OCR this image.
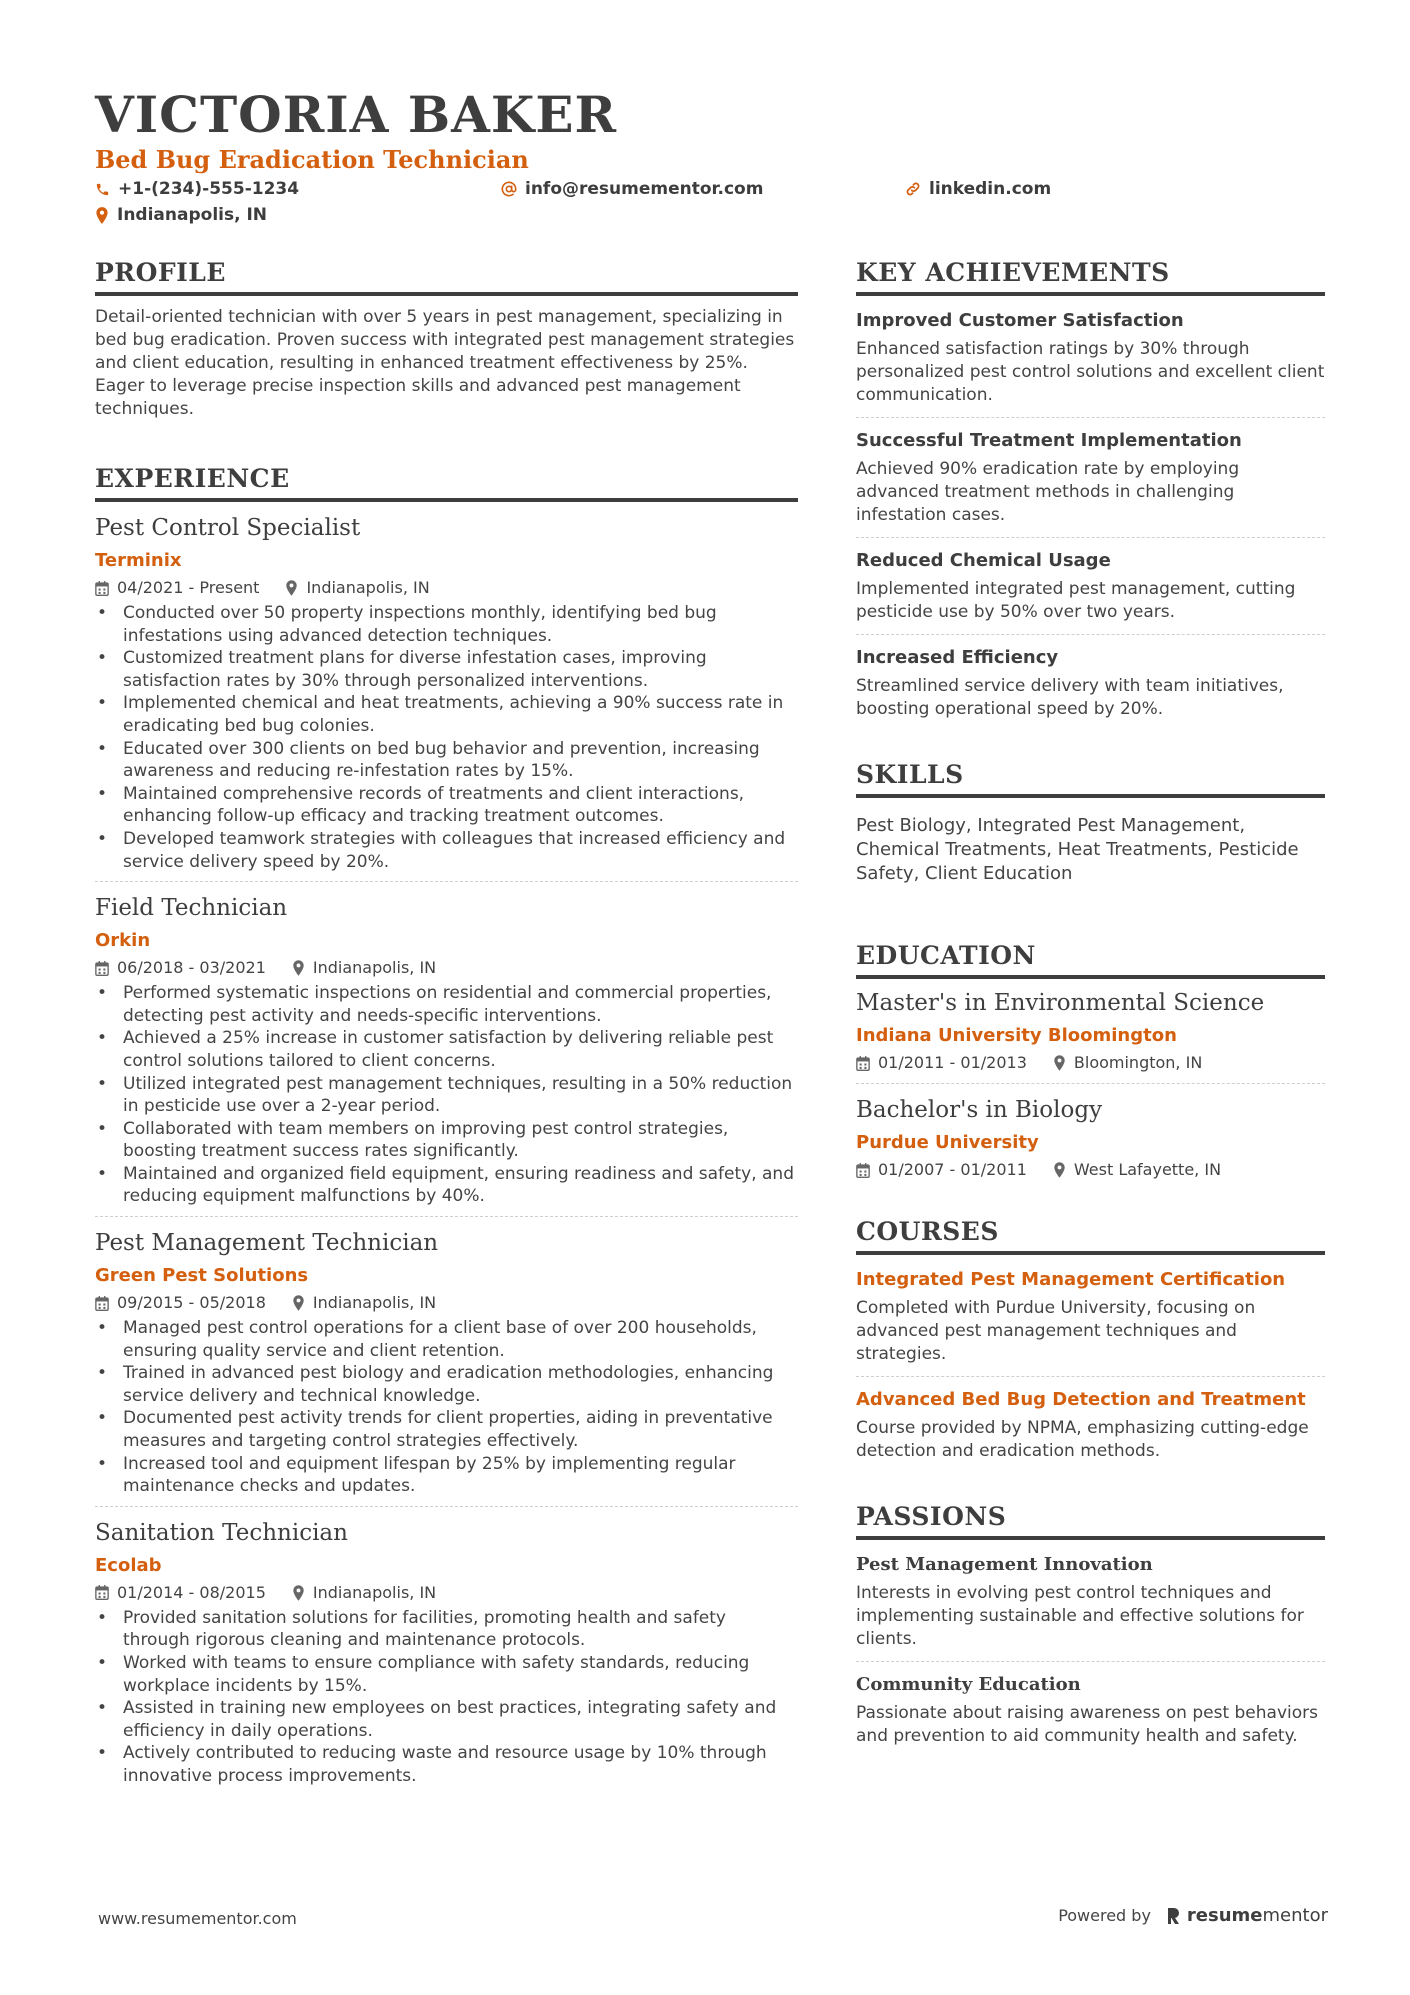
VICTORIA BAKER
Bed Bug Eradication Technician
+1-(234)-555-1234	info@resumementor.com	linkedin.com
Indianapolis, IN
PROFILE
Detail-oriented technician with over 5 years in pest management, specializing in bed bug eradication. Proven success with integrated pest management strategies and client education, resulting in enhanced treatment effectiveness by 25%. Eager to leverage precise inspection skills and advanced pest management techniques.
EXPERIENCE
Pest Control Specialist
Terminix
04/2021 - Present	Indianapolis, IN
• Conducted over 50 property inspections monthly, identifying bed bug infestations using advanced detection techniques.
• Customized treatment plans for diverse infestation cases, improving satisfaction rates by 30% through personalized interventions.
• Implemented chemical and heat treatments, achieving a 90% success rate in eradicating bed bug colonies.
• Educated over 300 clients on bed bug behavior and prevention, increasing awareness and reducing re-infestation rates by 15%.
• Maintained comprehensive records of treatments and client interactions, enhancing follow-up efficacy and tracking treatment outcomes.
• Developed teamwork strategies with colleagues that increased efficiency and service delivery speed by 20%.
Field Technician
Orkin
06/2018 - 03/2021	Indianapolis, IN
• Performed systematic inspections on residential and commercial properties, detecting pest activity and needs-specific interventions.
• Achieved a 25% increase in customer satisfaction by delivering reliable pest control solutions tailored to client concerns.
• Utilized integrated pest management techniques, resulting in a 50% reduction in pesticide use over a 2-year period.
• Collaborated with team members on improving pest control strategies, boosting treatment success rates significantly.
• Maintained and organized field equipment, ensuring readiness and safety, and reducing equipment malfunctions by 40%.
Pest Management Technician
Green Pest Solutions
09/2015 - 05/2018	Indianapolis, IN
• Managed pest control operations for a client base of over 200 households, ensuring quality service and client retention.
• Trained in advanced pest biology and eradication methodologies, enhancing service delivery and technical knowledge.
• Documented pest activity trends for client properties, aiding in preventative measures and targeting control strategies effectively.
• Increased tool and equipment lifespan by 25% by implementing regular maintenance checks and updates.
Sanitation Technician
Ecolab
01/2014 - 08/2015	Indianapolis, IN
• Provided sanitation solutions for facilities, promoting health and safety through rigorous cleaning and maintenance protocols.
• Worked with teams to ensure compliance with safety standards, reducing workplace incidents by 15%.
• Assisted in training new employees on best practices, integrating safety and efficiency in daily operations.
• Actively contributed to reducing waste and resource usage by 10% through innovative process improvements.
KEY ACHIEVEMENTS
Improved Customer Satisfaction
Enhanced satisfaction ratings by 30% through personalized pest control solutions and excellent client communication.
Successful Treatment Implementation
Achieved 90% eradication rate by employing advanced treatment methods in challenging infestation cases.
Reduced Chemical Usage
Implemented integrated pest management, cutting pesticide use by 50% over two years.
Increased Efficiency
Streamlined service delivery with team initiatives, boosting operational speed by 20%.
SKILLS
Pest Biology, Integrated Pest Management, Chemical Treatments, Heat Treatments, Pesticide Safety, Client Education
EDUCATION
Master's in Environmental Science
Indiana University Bloomington
01/2011 - 01/2013	Bloomington, IN
Bachelor's in Biology
Purdue University
01/2007 - 01/2011	West Lafayette, IN
COURSES
Integrated Pest Management Certification
Completed with Purdue University, focusing on advanced pest management techniques and strategies.
Advanced Bed Bug Detection and Treatment
Course provided by NPMA, emphasizing cutting-edge detection and eradication methods.
PASSIONS
Pest Management Innovation
Interests in evolving pest control techniques and implementing sustainable and effective solutions for clients.
Community Education
Passionate about raising awareness on pest behaviors and prevention to aid community health and safety.
www.resumementor.com	Powered by resume mentor
